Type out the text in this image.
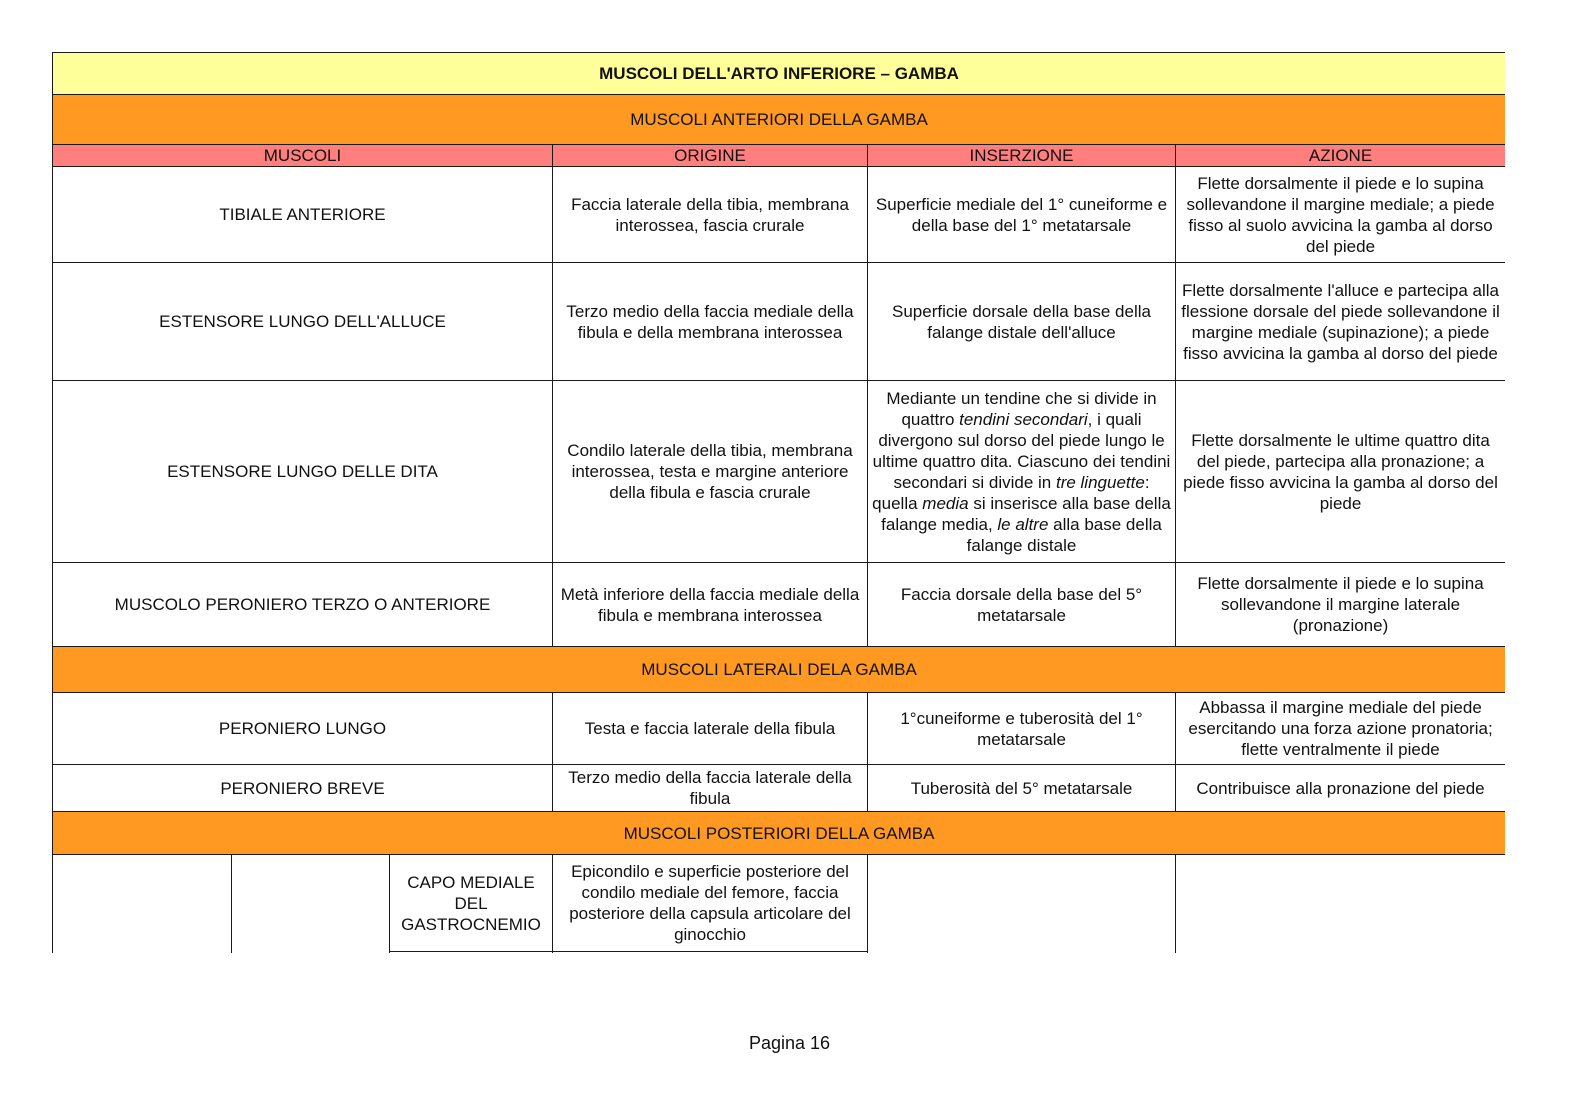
MUSCOLI DELL'ARTO INFERIORE – GAMBA					
MUSCOLI ANTERIORI DELLA GAMBA					
MUSCOLI			ORIGINE	INSERZIONE	AZIONE
TIBIALE ANTERIORE			Faccia laterale della tibia, membrana interossea, fascia crurale	Superficie mediale del 1° cuneiforme e della base del 1° metatarsale	Flette dorsalmente il piede e lo supina sollevandone il margine mediale; a piede fisso al suolo avvicina la gamba al dorso del piede
ESTENSORE LUNGO DELL'ALLUCE			Terzo medio della faccia mediale della fibula e della membrana interossea	Superficie dorsale della base della falange distale dell'alluce	Flette dorsalmente l'alluce e partecipa alla flessione dorsale del piede sollevandone il margine mediale (supinazione); a piede fisso avvicina la gamba al dorso del piede
ESTENSORE LUNGO DELLE DITA			Condilo laterale della tibia, membrana interossea, testa e margine anteriore della fibula e fascia crurale	Mediante un tendine che si divide in quattro tendini secondari, i quali divergono sul dorso del piede lungo le ultime quattro dita. Ciascuno dei tendini secondari si divide in tre linguette: quella media si inserisce alla base della falange media, le altre alla base della falange distale	Flette dorsalmente le ultime quattro dita del piede, partecipa alla pronazione; a piede fisso avvicina la gamba al dorso del piede
MUSCOLO PERONIERO TERZO O ANTERIORE			Metà inferiore della faccia mediale della fibula e membrana interossea	Faccia dorsale della base del 5° metatarsale	Flette dorsalmente il piede e lo supina sollevandone il margine laterale (pronazione)
MUSCOLI LATERALI DELA GAMBA					
PERONIERO LUNGO			Testa e faccia laterale della fibula	1°cuneiforme e tuberosità del 1° metatarsale	Abbassa il margine mediale del piede esercitando una forza azione pronatoria; flette ventralmente il piede
PERONIERO BREVE			Terzo medio della faccia laterale della fibula	Tuberosità del 5° metatarsale	Contribuisce alla pronazione del piede
MUSCOLI POSTERIORI DELLA GAMBA					
		CAPO MEDIALE DEL GASTROCNEMIO	Epicondilo e superficie posteriore del condilo mediale del femore, faccia posteriore della capsula articolare del ginocchio		

Pagina 16
